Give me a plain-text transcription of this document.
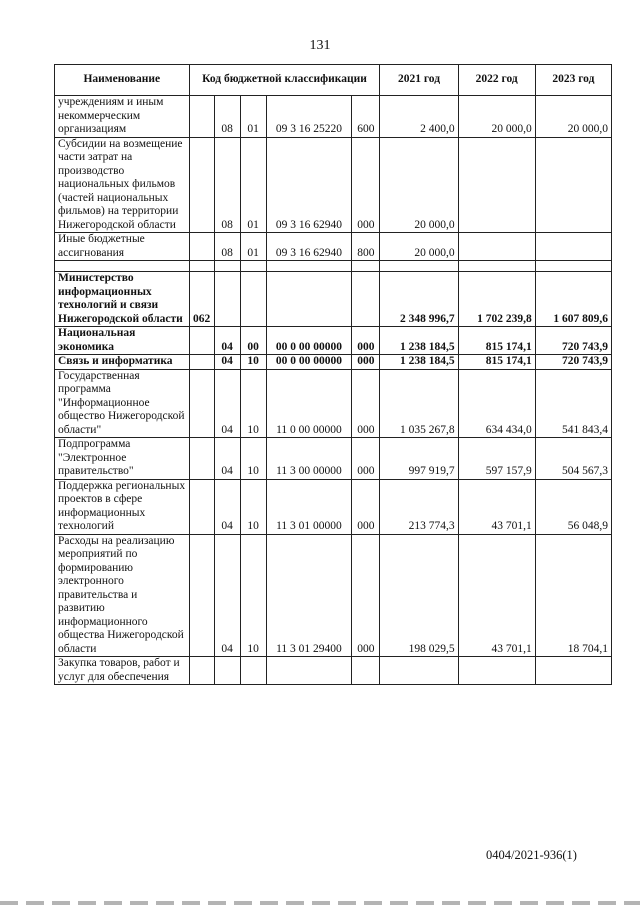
131
Наименование	Код бюджетной классификации					2021 год	2022 год	2023 год
учреждениям и иным некоммерческим организациям		08	01	09 3 16 25220	600	2 400,0	20 000,0	20 000,0
Субсидии на возмещение части затрат на производство национальных фильмов (частей национальных фильмов) на территории Нижегородской области		08	01	09 3 16 62940	000	20 000,0		
Иные бюджетные ассигнования		08	01	09 3 16 62940	800	20 000,0		

Министерство информационных технологий и связи Нижегородской области	062					2 348 996,7	1 702 239,8	1 607 809,6
Национальная экономика		04	00	00 0 00 00000	000	1 238 184,5	815 174,1	720 743,9
Связь и информатика		04	10	00 0 00 00000	000	1 238 184,5	815 174,1	720 743,9
Государственная программа "Информационное общество Нижегородской области"		04	10	11 0 00 00000	000	1 035 267,8	634 434,0	541 843,4
Подпрограмма "Электронное правительство"		04	10	11 3 00 00000	000	997 919,7	597 157,9	504 567,3
Поддержка региональных проектов в сфере информационных технологий		04	10	11 3 01 00000	000	213 774,3	43 701,1	56 048,9
Расходы на реализацию мероприятий по формированию электронного правительства и развитию информационного общества Нижегородской области		04	10	11 3 01 29400	000	198 029,5	43 701,1	18 704,1
Закупка товаров, работ и услуг для обеспечения								
0404/2021-936(1)
